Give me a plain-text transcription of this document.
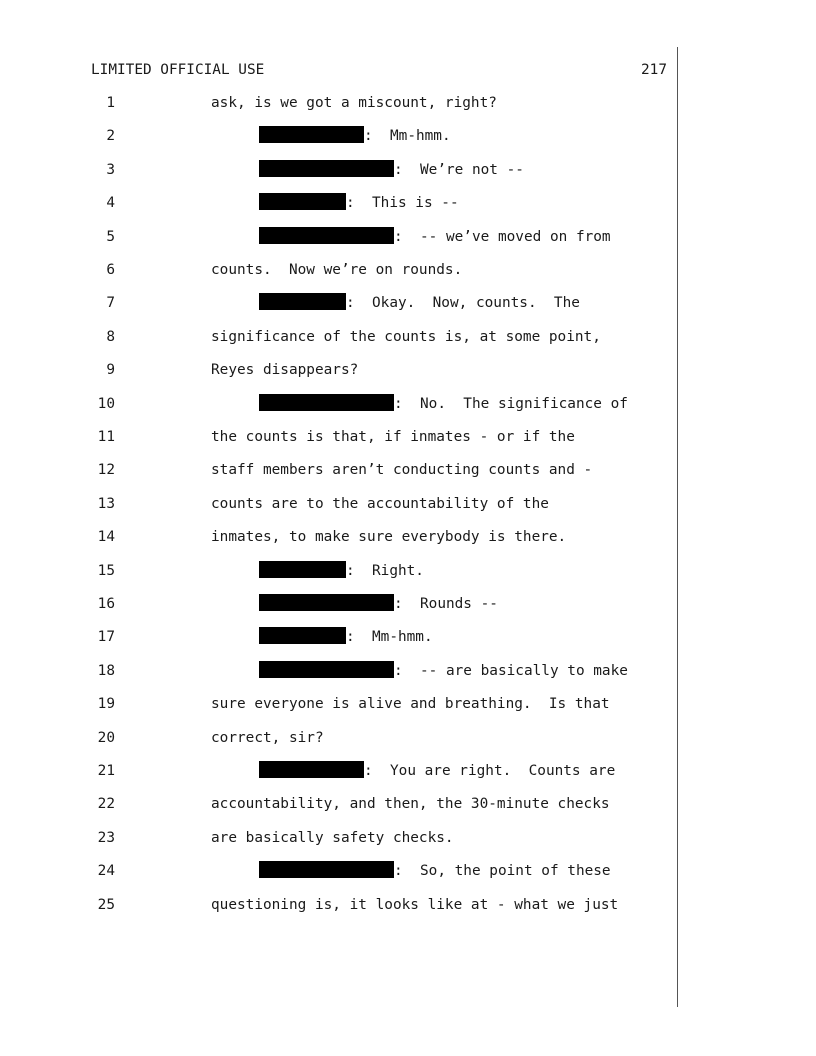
LIMITED OFFICIAL USE	217
1	ask, is we got a miscount, right?
2	:  Mm-hmm.
3	:  We’re not --
4	:  This is --
5	:  -- we’ve moved on from
6	counts.  Now we’re on rounds.
7	:  Okay.  Now, counts.  The
8	significance of the counts is, at some point,
9	Reyes disappears?
10	:  No.  The significance of
11	the counts is that, if inmates - or if the
12	staff members aren’t conducting counts and -
13	counts are to the accountability of the
14	inmates, to make sure everybody is there.
15	:  Right.
16	:  Rounds --
17	:  Mm-hmm.
18	:  -- are basically to make
19	sure everyone is alive and breathing.  Is that
20	correct, sir?
21	:  You are right.  Counts are
22	accountability, and then, the 30-minute checks
23	are basically safety checks.
24	:  So, the point of these
25	questioning is, it looks like at - what we just
